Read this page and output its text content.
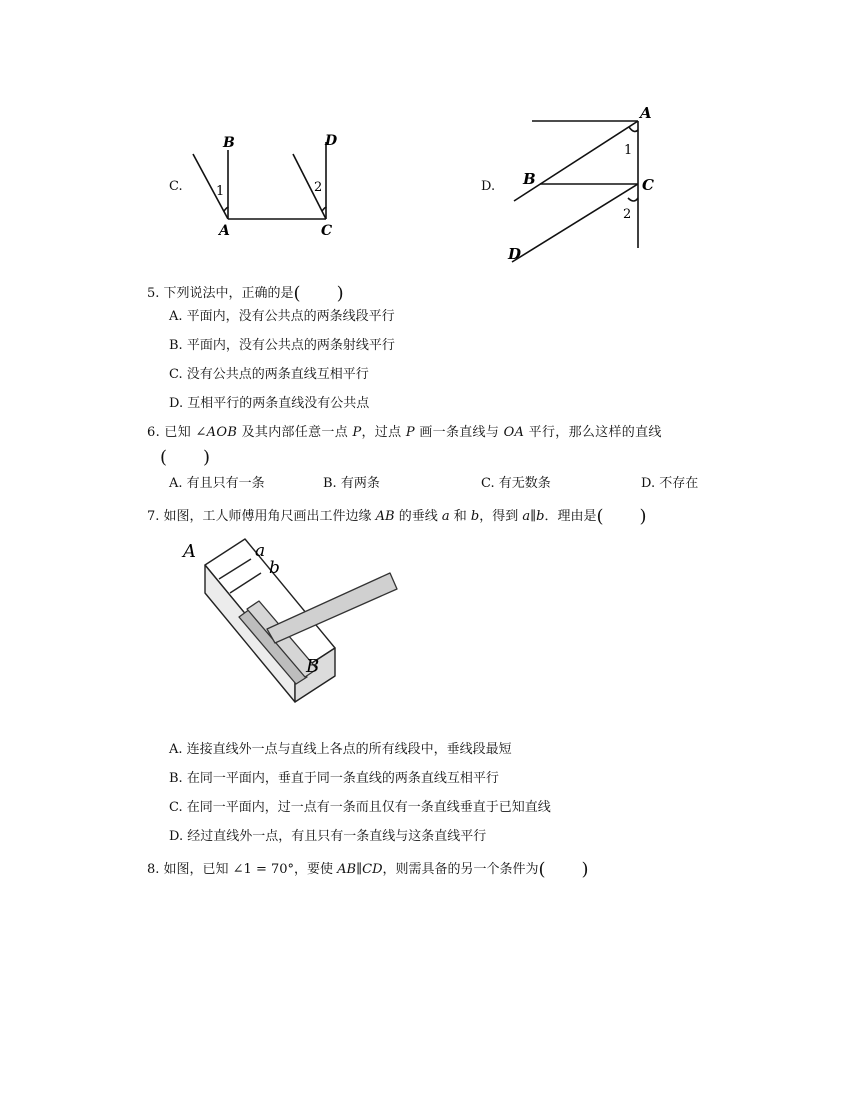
C.
B	D
1	2
A	C
D.
A
1
B	C
2
D
5. 下列说法中，正确的是(　　)
A. 平面内，没有公共点的两条线段平行
B. 平面内，没有公共点的两条射线平行
C. 没有公共点的两条直线互相平行
D. 互相平行的两条直线没有公共点
6. 已知 ∠AOB 及其内部任意一点 P，过点 P 画一条直线与 OA 平行，那么这样的直线
(　　)
A. 有且只有一条	B. 有两条	C. 有无数条	D. 不存在
7. 如图，工人师傅用角尺画出工件边缘 AB 的垂线 a 和 b，得到 a∥b．理由是(　　)
A	a
b
B
A. 连接直线外一点与直线上各点的所有线段中，垂线段最短
B. 在同一平面内，垂直于同一条直线的两条直线互相平行
C. 在同一平面内，过一点有一条而且仅有一条直线垂直于已知直线
D. 经过直线外一点，有且只有一条直线与这条直线平行
8. 如图，已知 ∠1 = 70°，要使 AB∥CD，则需具备的另一个条件为(　　)
